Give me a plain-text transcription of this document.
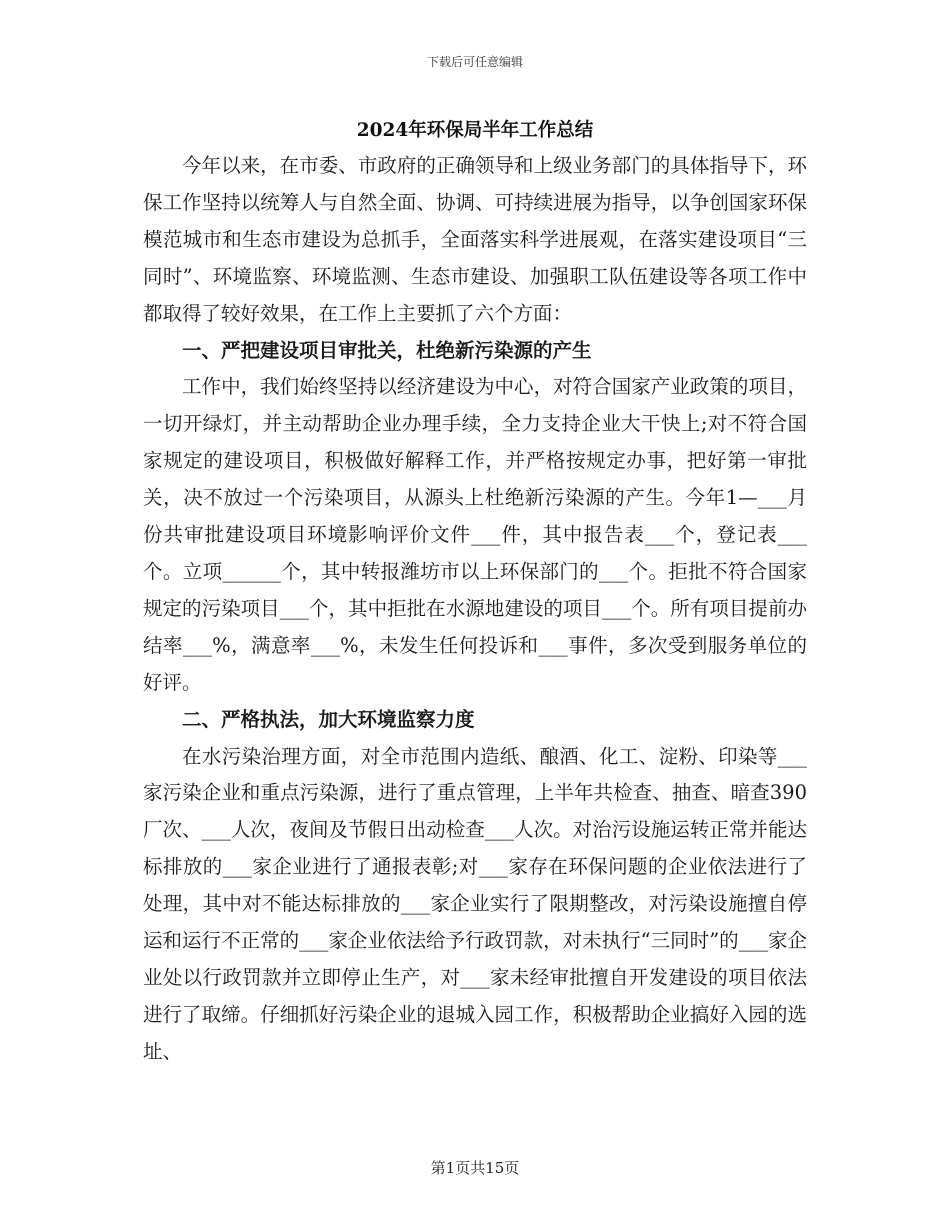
下载后可任意编辑
2024年环保局半年工作总结

今年以来，在市委、市政府的正确领导和上级业务部门的具体指导下，环保工作坚持以统筹人与自然全面、协调、可持续进展为指导，以争创国家环保模范城市和生态市建设为总抓手，全面落实科学进展观，在落实建设项目“三同时”、环境监察、环境监测、生态市建设、加强职工队伍建设等各项工作中都取得了较好效果，在工作上主要抓了六个方面：

一、严把建设项目审批关，杜绝新污染源的产生

工作中，我们始终坚持以经济建设为中心，对符合国家产业政策的项目，一切开绿灯，并主动帮助企业办理手续，全力支持企业大干快上;对不符合国家规定的建设项目，积极做好解释工作，并严格按规定办事，把好第一审批关，决不放过一个污染项目，从源头上杜绝新污染源的产生。今年1—___月份共审批建设项目环境影响评价文件___件，其中报告表___个，登记表___个。立项______个，其中转报潍坊市以上环保部门的___个。拒批不符合国家规定的污染项目___个，其中拒批在水源地建设的项目___个。所有项目提前办结率___%，满意率___%，未发生任何投诉和___事件，多次受到服务单位的好评。

二、严格执法，加大环境监察力度

在水污染治理方面，对全市范围内造纸、酿酒、化工、淀粉、印染等___家污染企业和重点污染源，进行了重点管理，上半年共检查、抽查、暗查390厂次、___人次，夜间及节假日出动检查___人次。对治污设施运转正常并能达标排放的___家企业进行了通报表彰;对___家存在环保问题的企业依法进行了处理，其中对不能达标排放的___家企业实行了限期整改，对污染设施擅自停运和运行不正常的___家企业依法给予行政罚款，对未执行“三同时”的___家企业处以行政罚款并立即停止生产，对___家未经审批擅自开发建设的项目依法进行了取缔。仔细抓好污染企业的退城入园工作，积极帮助企业搞好入园的选址、

第1页共15页
